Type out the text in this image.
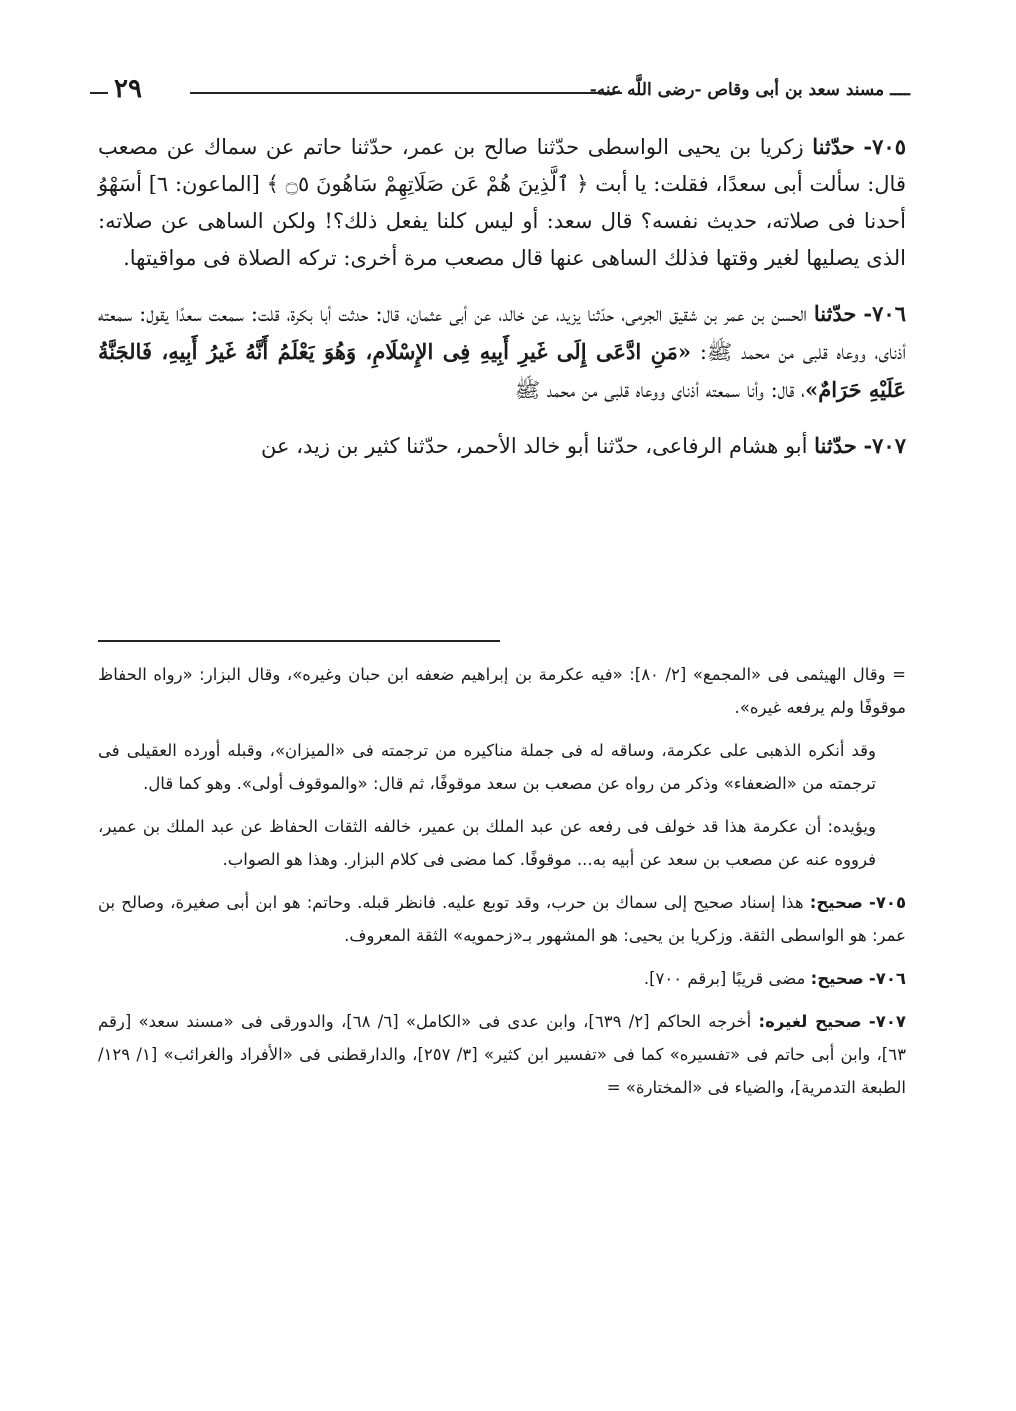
ــــ مسند سعد بن أبى وقاص -رضى اللَّه عنه-
٢٩

٧٠٥- حدّثنا زكريا بن يحيى الواسطى حدّثنا صالح بن عمر، حدّثنا حاتم عن سماك عن مصعب قال: سألت أبى سعدًا، فقلت: يا أبت ﴿ ٱلَّذِينَ هُمْ عَن صَلَاتِهِمْ سَاهُونَ ۝٥ ﴾ [الماعون: ٦] أسَهْوُ أحدنا فى صلاته، حديث نفسه؟ قال سعد: أو ليس كلنا يفعل ذلك؟! ولكن الساهى عن صلاته: الذى يصليها لغير وقتها فذلك الساهى عنها قال مصعب مرة أخرى: تركه الصلاة فى مواقيتها.

٧٠٦- حدّثنا الحسن بن عمر بن شقيق الجرمى، حدّثنا يزيد، عن خالد، عن أبى عثمان، قال: حدثت أبا بكرة، قلت: سمعت سعدًا يقول: سمعته أذناى، ووعاه قلبى من محمد ﷺ: «مَنِ ادَّعَى إِلَى غَيرِ أَبِيهِ فِى الإِسْلَامِ، وَهُوَ يَعْلَمُ أَنَّهُ غَيرُ أَبِيهِ، فَالجَنَّةُ عَلَيْهِ حَرَامٌ»، قال: وأنا سمعته أذناى ووعاه قلبى من محمد ﷺ

٧٠٧- حدّثنا أبو هشام الرفاعى، حدّثنا أبو خالد الأحمر، حدّثنا كثير بن زيد، عن

= وقال الهيثمى فى «المجمع» [٢/ ٨٠]: «فيه عكرمة بن إبراهيم ضعفه ابن حبان وغيره»، وقال البزار: «رواه الحفاظ موقوفًا ولم يرفعه غيره».

وقد أنكره الذهبى على عكرمة، وساقه له فى جملة مناكيره من ترجمته فى «الميزان»، وقبله أورده العقيلى فى ترجمته من «الضعفاء» وذكر من رواه عن مصعب بن سعد موقوفًا، ثم قال: «والموقوف أولى». وهو كما قال.

ويؤيده: أن عكرمة هذا قد خولف فى رفعه عن عبد الملك بن عمير، خالفه الثقات الحفاظ عن عبد الملك بن عمير، فرووه عنه عن مصعب بن سعد عن أبيه به... موقوفًا. كما مضى فى كلام البزار. وهذا هو الصواب.

٧٠٥- صحيح: هذا إسناد صحيح إلى سماك بن حرب، وقد توبع عليه. فانظر قبله. وحاتم: هو ابن أبى صغيرة، وصالح بن عمر: هو الواسطى الثقة. وزكريا بن يحيى: هو المشهور بـ«زحمويه» الثقة المعروف.

٧٠٦- صحيح: مضى قريبًا [برقم ٧٠٠].

٧٠٧- صحيح لغيره: أخرجه الحاكم [٢/ ٦٣٩]، وابن عدى فى «الكامل» [٦/ ٦٨]، والدورقى فى «مسند سعد» [رقم ٦٣]، وابن أبى حاتم فى «تفسيره» كما فى «تفسير ابن كثير» [٣/ ٢٥٧]، والدارقطنى فى «الأفراد والغرائب» [١/ ١٢٩/ الطبعة التدمرية]، والضياء فى «المختارة» =
